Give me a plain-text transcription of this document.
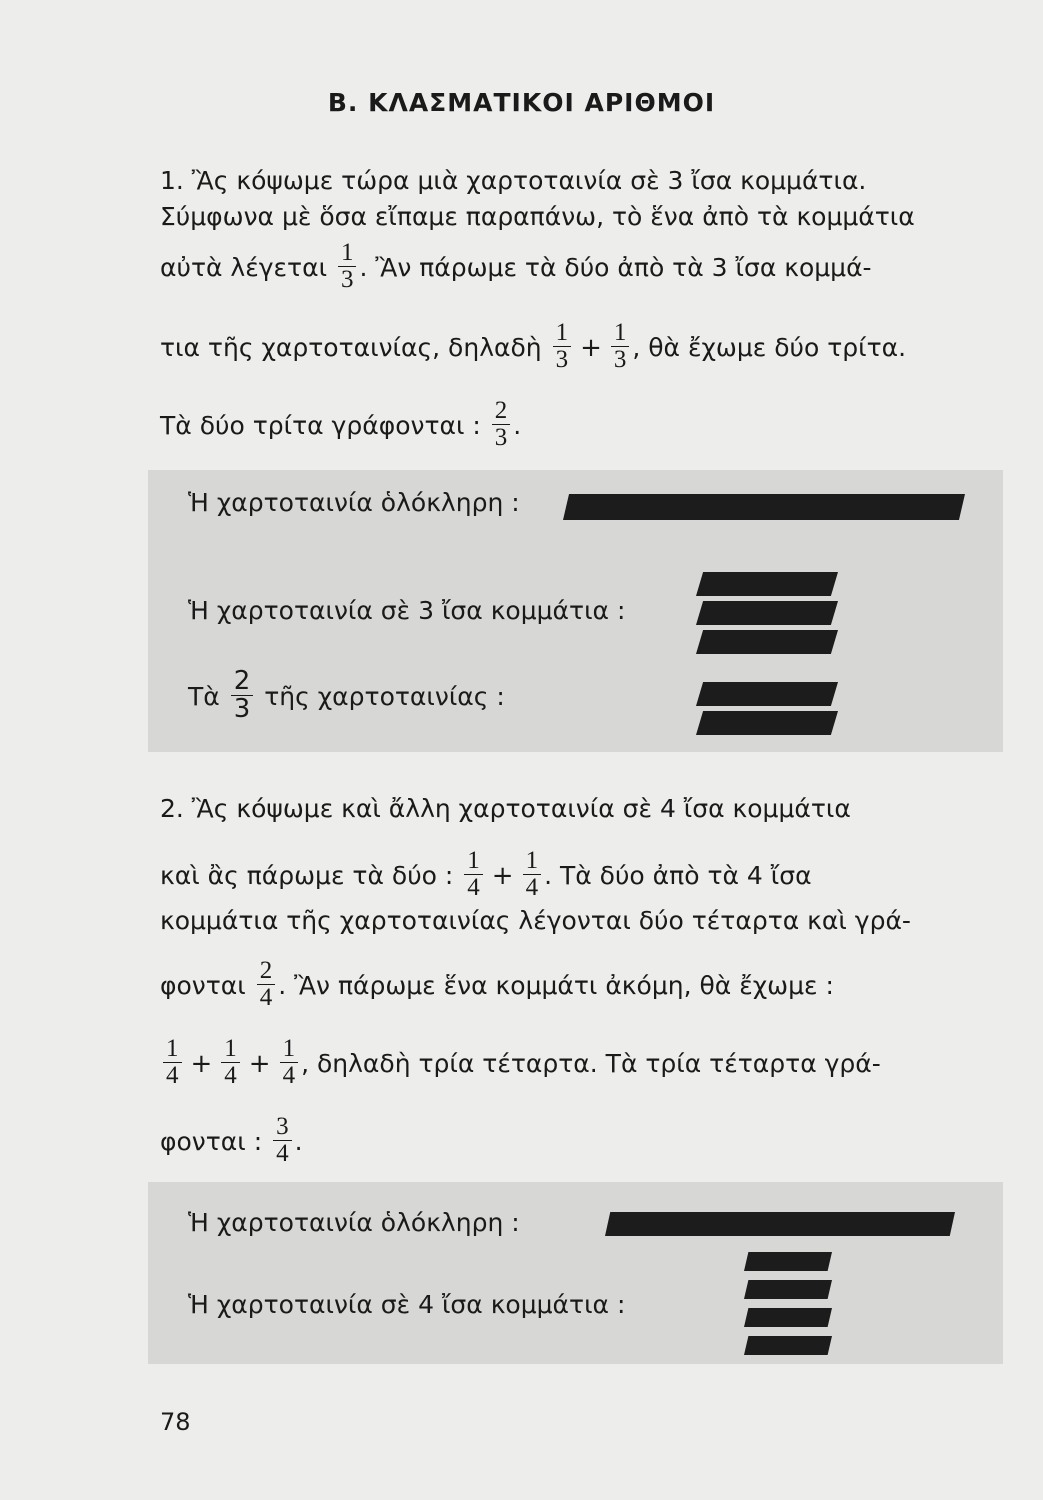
Β. ΚΛΑΣΜΑΤΙΚΟΙ ΑΡΙΘΜΟΙ
1. Ἂς κόψωμε τώρα μιὰ χαρτοταινία σὲ 3 ἴσα κομμάτια.
Σύμφωνα μὲ ὅσα εἴπαμε παραπάνω, τὸ ἕνα ἀπὸ τὰ κομμάτια
αὐτὰ λέγεται $\frac{1}{3}$ . Ἂν πάρωμε τὰ δύο ἀπὸ τὰ 3 ἴσα κομμά-
τια τῆς χαρτοταινίας, δηλαδὴ $\frac{1}{3} + \frac{1}{3}$ , θὰ ἔχωμε δύο τρίτα.
Τὰ δύο τρίτα γράφονται : $\frac{2}{3}$ .
Ἡ χαρτοταινία ὁλόκληρη :
Ἡ χαρτοταινία σὲ 3 ἴσα κομμάτια :
Τὰ $\frac{2}{3}$ τῆς χαρτοταινίας :
2. Ἂς κόψωμε καὶ ἄλλη χαρτοταινία σὲ 4 ἴσα κομμάτια
καὶ ἂς πάρωμε τὰ δύο : $\frac{1}{4} + \frac{1}{4}$ . Τὰ δύο ἀπὸ τὰ 4 ἴσα
κομμάτια τῆς χαρτοταινίας λέγονται δύο τέταρτα καὶ γρά-
φονται $\frac{2}{4}$ . Ἂν πάρωμε ἕνα κομμάτι ἀκόμη, θὰ ἔχωμε :
$\frac{1}{4} + \frac{1}{4} + \frac{1}{4}$ , δηλαδὴ τρία τέταρτα. Τὰ τρία τέταρτα γρά-
φονται : $\frac{3}{4}$ .
Ἡ χαρτοταινία ὁλόκληρη :
Ἡ χαρτοταινία σὲ 4 ἴσα κομμάτια :
78
